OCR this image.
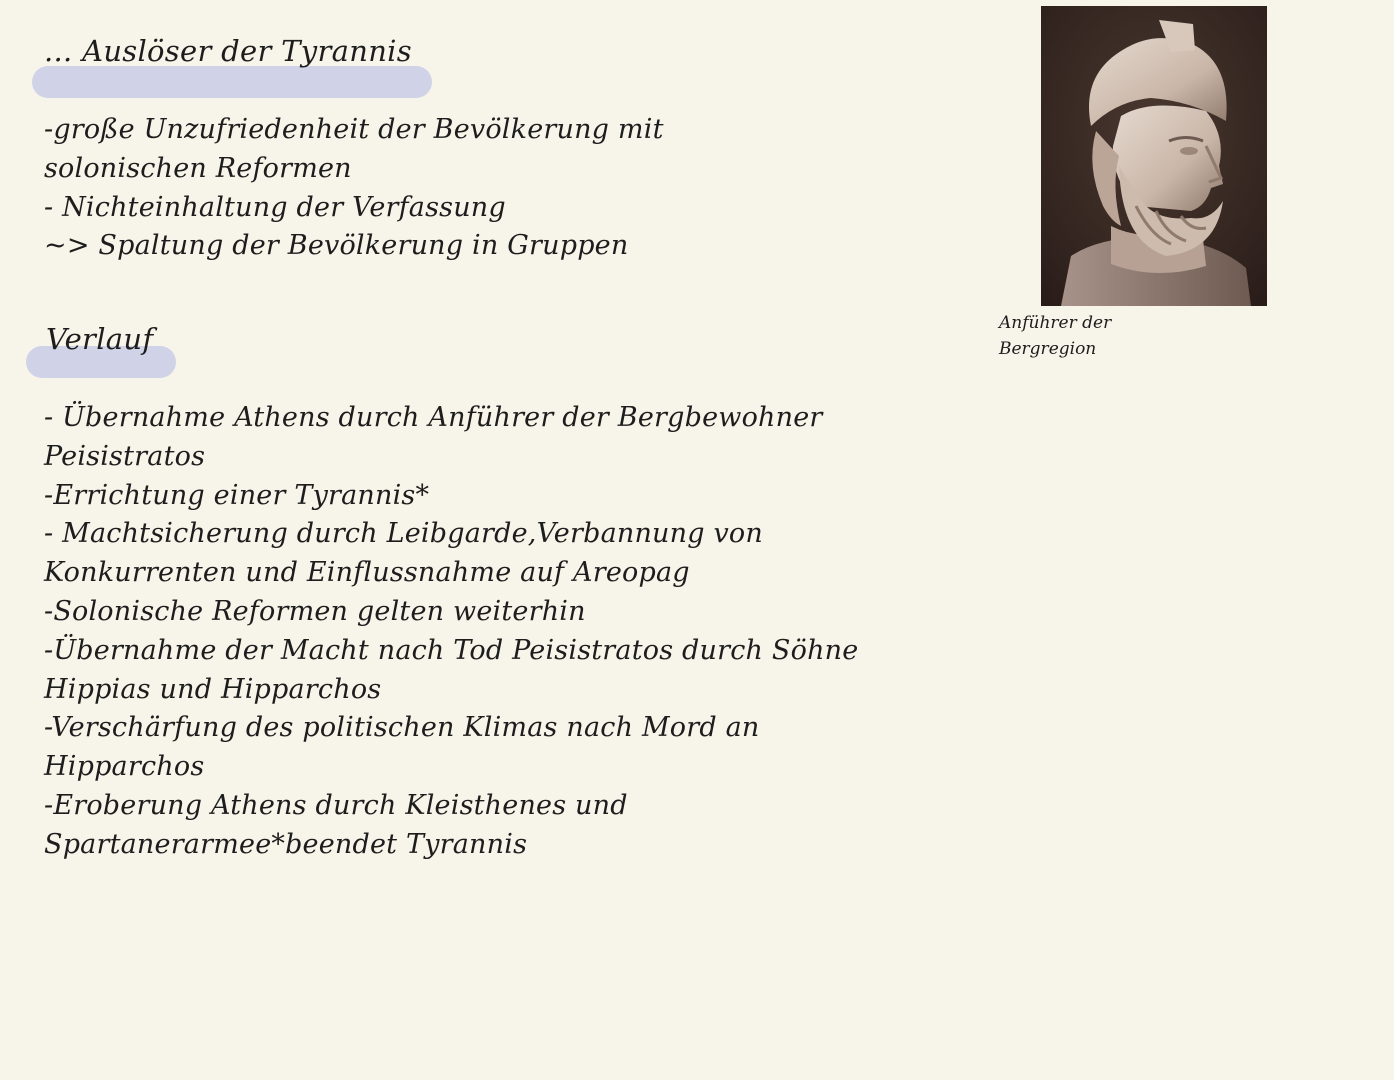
... Auslöser der Tyrannis
-große Unzufriedenheit der Bevölkerung mit
solonischen Reformen
- Nichteinhaltung der Verfassung
~> Spaltung der Bevölkerung in Gruppen
Verlauf
- Übernahme Athens durch Anführer der Bergbewohner
Peisistratos
-Errichtung einer Tyrannis*
- Machtsicherung durch Leibgarde,Verbannung von
Konkurrenten und Einflussnahme auf Areopag
-Solonische Reformen gelten weiterhin
-Übernahme der Macht nach Tod Peisistratos durch Söhne
Hippias und Hipparchos
-Verschärfung des politischen Klimas nach Mord an
Hipparchos
-Eroberung Athens durch Kleisthenes und
Spartanerarmee*beendet Tyrannis

Anführer der
Bergregion
